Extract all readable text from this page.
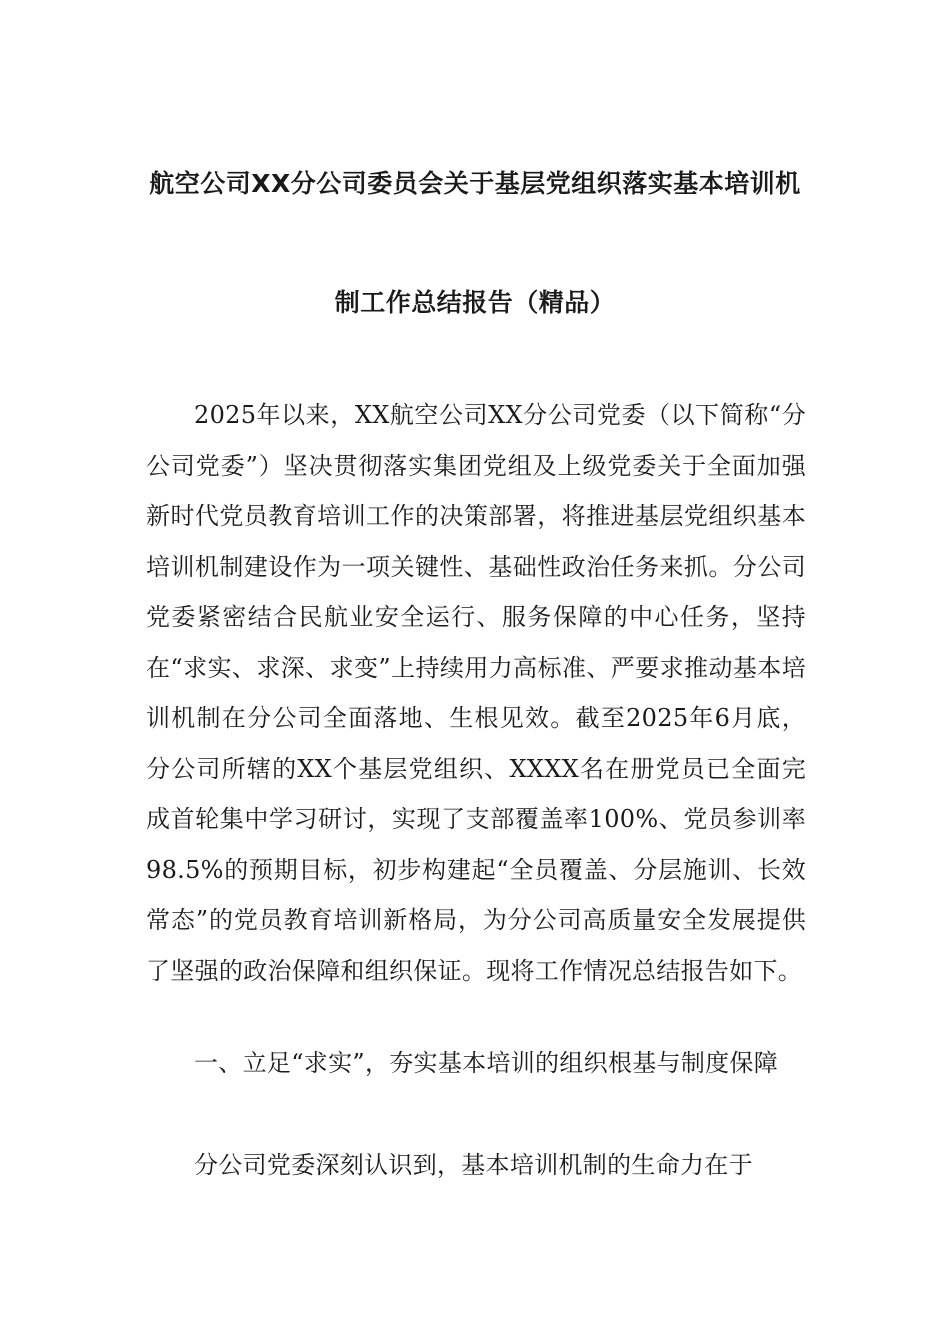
航空公司XX分公司委员会关于基层党组织落实基本培训机
制工作总结报告（精品）

2025年以来，XX航空公司XX分公司党委（以下简称“分公司党委”）坚决贯彻落实集团党组及上级党委关于全面加强新时代党员教育培训工作的决策部署，将推进基层党组织基本培训机制建设作为一项关键性、基础性政治任务来抓。分公司党委紧密结合民航业安全运行、服务保障的中心任务，坚持在“求实、求深、求变”上持续用力高标准、严要求推动基本培训机制在分公司全面落地、生根见效。截至2025年6月底，分公司所辖的XX个基层党组织、XXXX名在册党员已全面完成首轮集中学习研讨，实现了支部覆盖率100%、党员参训率98.5%的预期目标，初步构建起“全员覆盖、分层施训、长效常态”的党员教育培训新格局，为分公司高质量安全发展提供了坚强的政治保障和组织保证。现将工作情况总结报告如下。

一、立足“求实”，夯实基本培训的组织根基与制度保障

分公司党委深刻认识到，基本培训机制的生命力在于
